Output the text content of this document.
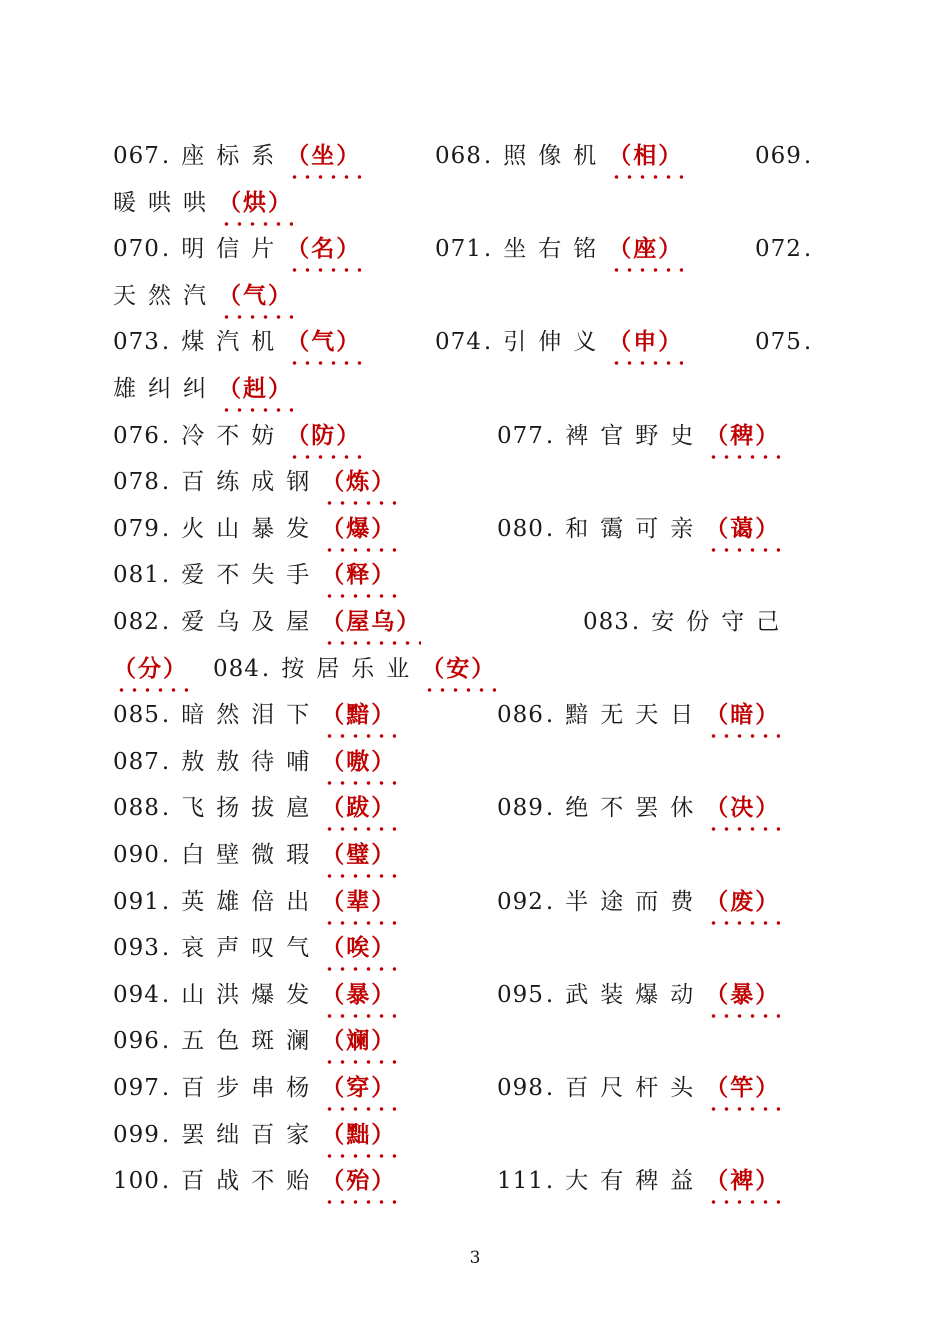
067. 座标系（坐）	068. 照像机（相）	069.
暖哄哄（烘）
070. 明信片（名）	071. 坐右铭（座）	072.
天然汽（气）
073. 煤汽机（气）	074. 引伸义（申）	075.
雄纠纠（赳）
076. 冷不妨（防）	077. 裨官野史（稗）
078. 百练成钢（炼）
079. 火山暴发（爆）	080. 和霭可亲（蔼）
081. 爱不失手（释）
082. 爱乌及屋（屋乌）	083. 安份守己
（分） 084. 按居乐业（安）
085. 暗然泪下（黯）	086. 黯无天日（暗）
087. 敖敖待哺（嗷）
088. 飞扬拔扈（跋）	089. 绝不罢休（决）
090. 白壁微瑕（璧）
091. 英雄倍出（辈）	092. 半途而费（废）
093. 哀声叹气（唉）
094. 山洪爆发（暴）	095. 武装爆动（暴）
096. 五色斑澜（斓）
097. 百步串杨（穿）	098. 百尺杆头（竿）
099. 罢绌百家（黜）
100. 百战不贻（殆）	111. 大有稗益（裨）
3
